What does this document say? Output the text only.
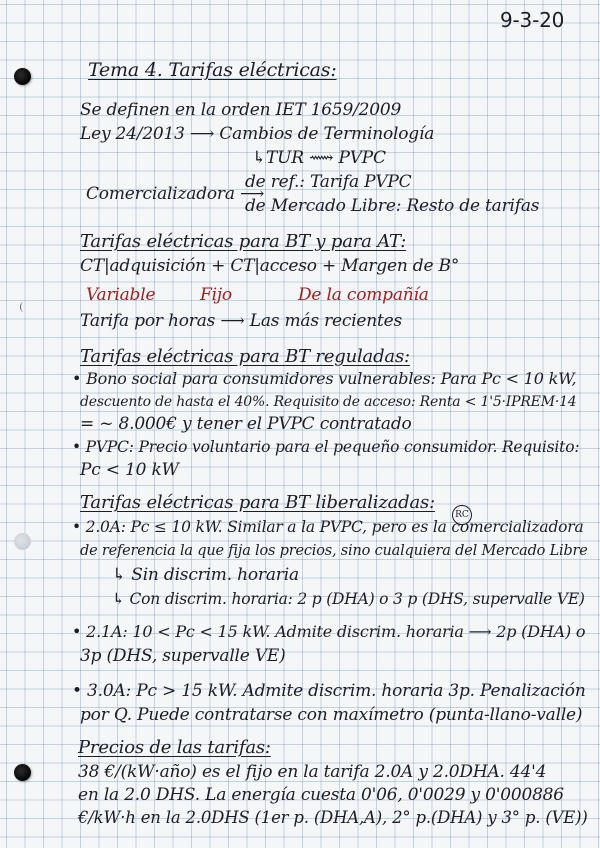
9-3-20
Tema 4. Tarifas eléctricas:
Se definen en la orden IET 1659/2009
Ley 24/2013 ⟶ Cambios de Terminología
↳TUR ⟿ PVPC
de ref.: Tarifa PVPC
Comercializadora ⟶
de Mercado Libre: Resto de tarifas
Tarifas eléctricas para BT y para AT:
CT|adquisición + CT|acceso + Margen de B°
Variable	Fijo	De la compañía
Tarifa por horas ⟶ Las más recientes
Tarifas eléctricas para BT reguladas:
• Bono social para consumidores vulnerables: Para Pc < 10 kW,
descuento de hasta el 40%. Requisito de acceso: Renta < 1'5·IPREM·14
= ~ 8.000€ y tener el PVPC contratado
• PVPC: Precio voluntario para el pequeño consumidor. Requisito:
Pc < 10 kW
Tarifas eléctricas para BT liberalizadas:
RC
• 2.0A: Pc ≤ 10 kW. Similar a la PVPC, pero es la comercializadora
de referencia la que fija los precios, sino cualquiera del Mercado Libre
↳ Sin discrim. horaria
↳ Con discrim. horaria: 2 p (DHA) o 3 p (DHS, supervalle VE)
• 2.1A: 10 < Pc < 15 kW. Admite discrim. horaria ⟶ 2p (DHA) o
3p (DHS, supervalle VE)
• 3.0A: Pc > 15 kW. Admite discrim. horaria 3p. Penalización
por Q. Puede contratarse con maxímetro (punta-llano-valle)
Precios de las tarifas:
38 €/(kW·año) es el fijo en la tarifa 2.0A y 2.0DHA. 44'4
en la 2.0 DHS. La energía cuesta 0'06, 0'0029 y 0'000886
€/kW·h en la 2.0DHS (1er p. (DHA,A), 2° p.(DHA) y 3° p. (VE))
